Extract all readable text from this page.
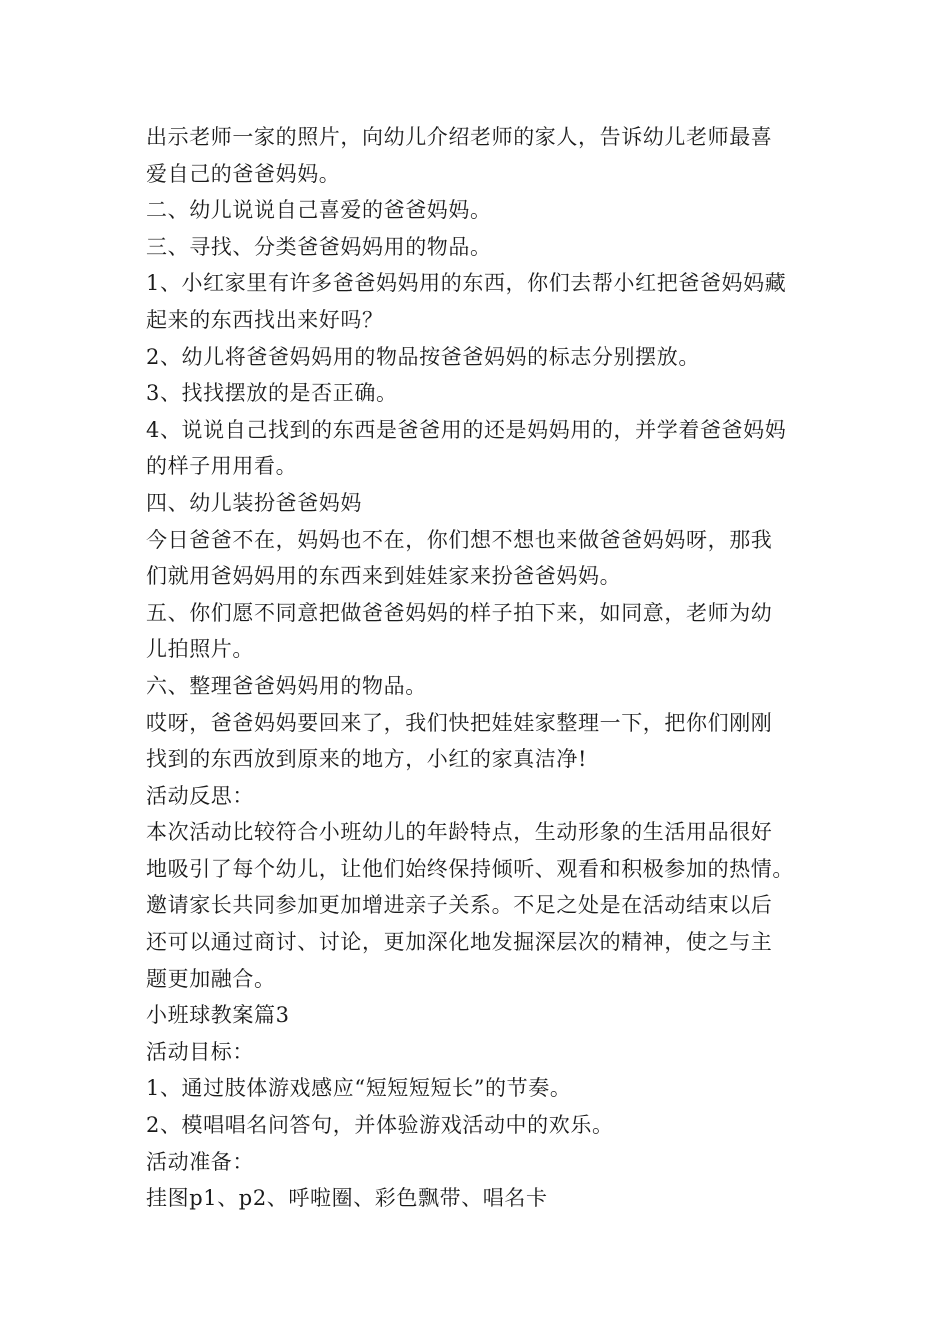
出示老师一家的照片，向幼儿介绍老师的家人，告诉幼儿老师最喜
爱自己的爸爸妈妈。
二、幼儿说说自己喜爱的爸爸妈妈。
三、寻找、分类爸爸妈妈用的物品。
1、小红家里有许多爸爸妈妈用的东西，你们去帮小红把爸爸妈妈藏
起来的东西找出来好吗？
2、幼儿将爸爸妈妈用的物品按爸爸妈妈的标志分别摆放。
3、找找摆放的是否正确。
4、说说自己找到的东西是爸爸用的还是妈妈用的，并学着爸爸妈妈
的样子用用看。
四、幼儿装扮爸爸妈妈
今日爸爸不在，妈妈也不在，你们想不想也来做爸爸妈妈呀，那我
们就用爸妈妈用的东西来到娃娃家来扮爸爸妈妈。
五、你们愿不同意把做爸爸妈妈的样子拍下来，如同意，老师为幼
儿拍照片。
六、整理爸爸妈妈用的物品。
哎呀，爸爸妈妈要回来了，我们快把娃娃家整理一下，把你们刚刚
找到的东西放到原来的地方，小红的家真洁净!
活动反思：
本次活动比较符合小班幼儿的年龄特点，生动形象的生活用品很好
地吸引了每个幼儿，让他们始终保持倾听、观看和积极参加的热情。
邀请家长共同参加更加增进亲子关系。不足之处是在活动结束以后
还可以通过商讨、讨论，更加深化地发掘深层次的精神，使之与主
题更加融合。
小班球教案篇3
活动目标：
1、通过肢体游戏感应“短短短短长”的节奏。
2、模唱唱名问答句，并体验游戏活动中的欢乐。
活动准备：
挂图p1、p2、呼啦圈、彩色飘带、唱名卡
